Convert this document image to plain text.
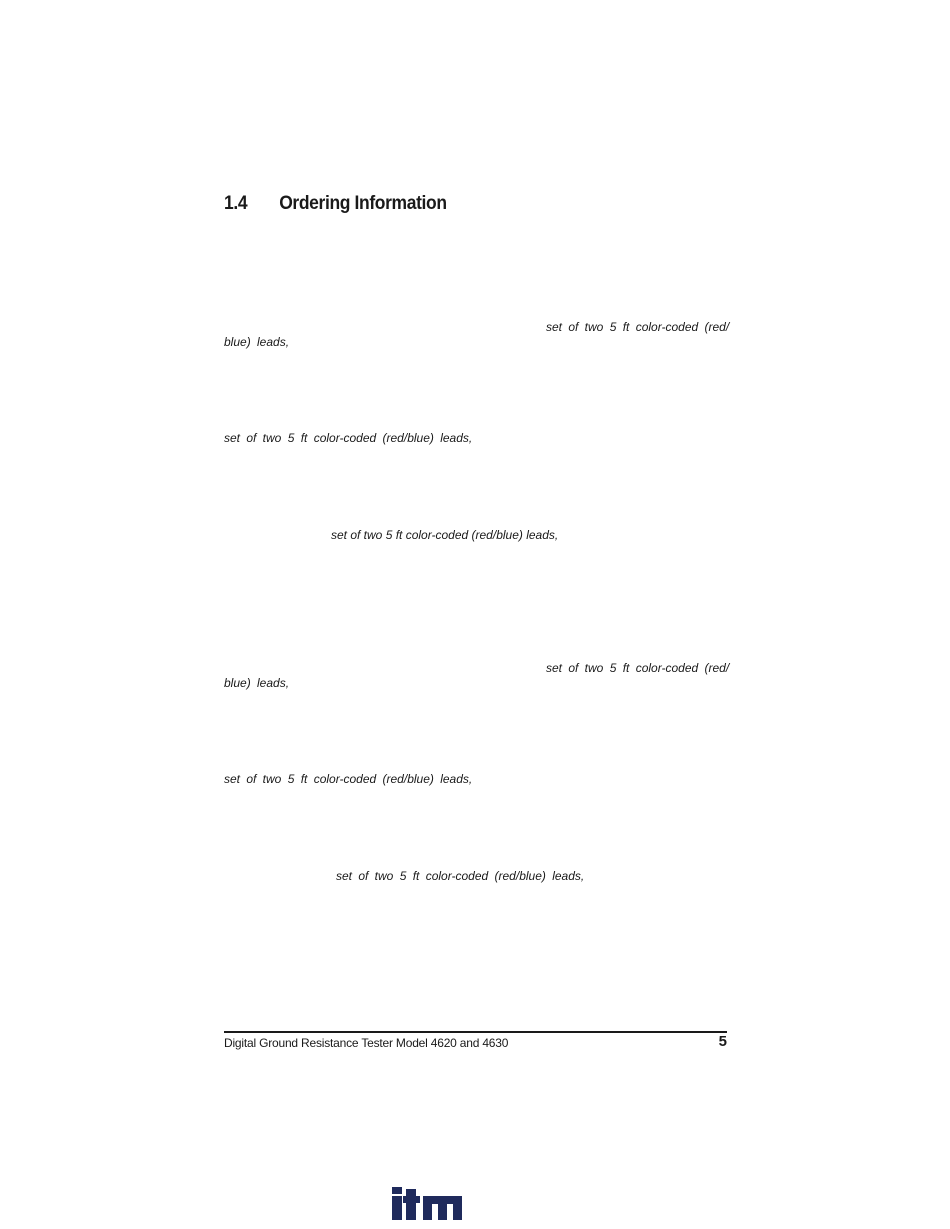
1.4	Ordering Information
set of two 5 ft color-coded (red/
blue) leads,
set of two 5 ft color-coded (red/blue) leads,
set of two 5 ft color-coded (red/blue) leads,
set of two 5 ft color-coded (red/
blue) leads,
set of two 5 ft color-coded (red/blue) leads,
set of two 5 ft color-coded (red/blue) leads,
Digital Ground Resistance Tester Model 4620 and 4630	5
